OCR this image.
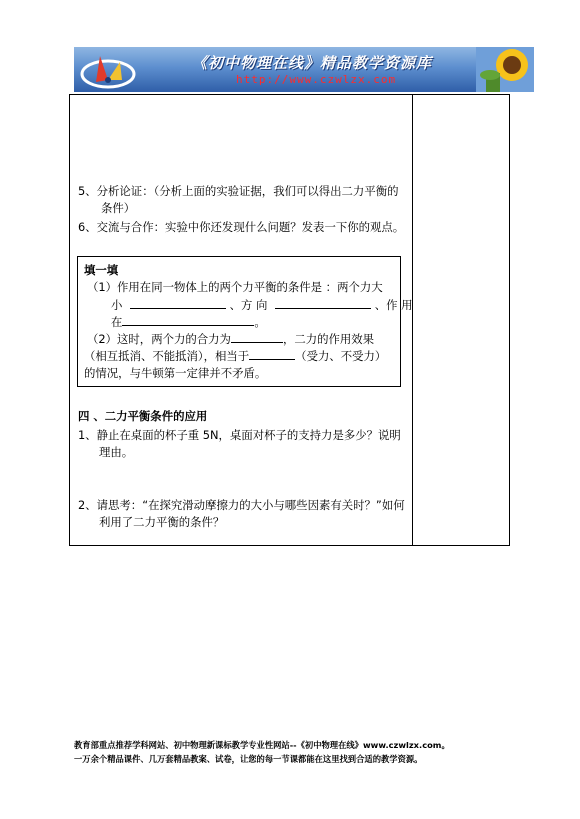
《初中物理在线》精品教学资源库
http://www.czwlzx.com
5、分析论证：（分析上面的实验证据，我们可以得出二力平衡的
条件）
6、交流与合作：实验中你还发现什么问题？发表一下你的观点。
填一填
（1）作用在同一物体上的两个力平衡的条件是 ：两个力大
小	、方 向	、作 用
在	。
（2）这时，两个力的合力为	，二力的作用效果
（相互抵消、不能抵消），相当于	（受力、不受力）
的情况，与牛顿第一定律并不矛盾。
四 、二力平衡条件的应用
1、静止在桌面的杯子重 5N，桌面对杯子的支持力是多少？说明
理由。
2、请思考：“在探究滑动摩擦力的大小与哪些因素有关时？”如何
利用了二力平衡的条件？
教育部重点推荐学科网站、初中物理新课标教学专业性网站--《初中物理在线》www.czwlzx.com。
一万余个精品课件、几万套精品教案、试卷，让您的每一节课都能在这里找到合适的教学资源。
